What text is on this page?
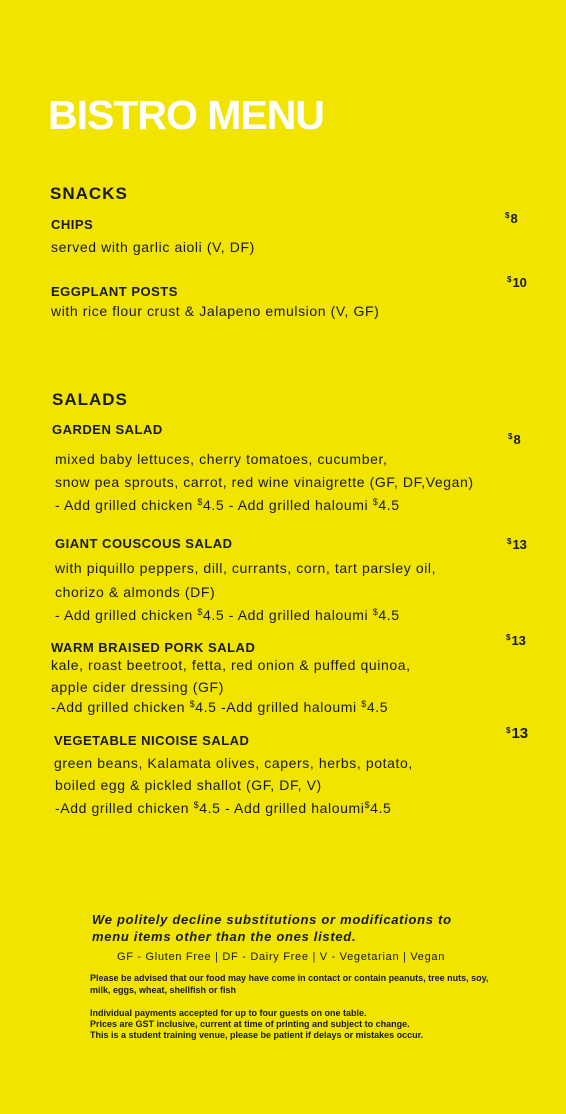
BISTRO MENU
SNACKS
CHIPS
$8
served with garlic aioli (V, DF)
EGGPLANT POSTS
$10
with rice flour crust & Jalapeno emulsion (V, GF)
SALADS
GARDEN SALAD	$8
mixed baby lettuces, cherry tomatoes, cucumber,
snow pea sprouts, carrot, red wine vinaigrette (GF, DF,Vegan)
- Add grilled chicken $4.5 - Add grilled haloumi $4.5
GIANT COUSCOUS SALAD	$13
with piquillo peppers, dill, currants, corn, tart parsley oil,
chorizo & almonds (DF)
- Add grilled chicken $4.5 - Add grilled haloumi $4.5
WARM BRAISED PORK SALAD
$13
kale, roast beetroot, fetta, red onion & puffed quinoa,
apple cider dressing (GF)
-Add grilled chicken $4.5 -Add grilled haloumi $4.5
VEGETABLE NICOISE SALAD
$13
green beans, Kalamata olives, capers, herbs, potato,
boiled egg & pickled shallot (GF, DF, V)
-Add grilled chicken $4.5 - Add grilled haloumi$4.5
We politely decline substitutions or modifications to menu items other than the ones listed.
GF - Gluten Free | DF - Dairy Free | V - Vegetarian | Vegan
Please be advised that our food may have come in contact or contain peanuts, tree nuts, soy, milk, eggs, wheat, shellfish or fish
Individual payments accepted for up to four guests on one table.
Prices are GST inclusive, current at time of printing and subject to change.
This is a student training venue, please be patient if delays or mistakes occur.
